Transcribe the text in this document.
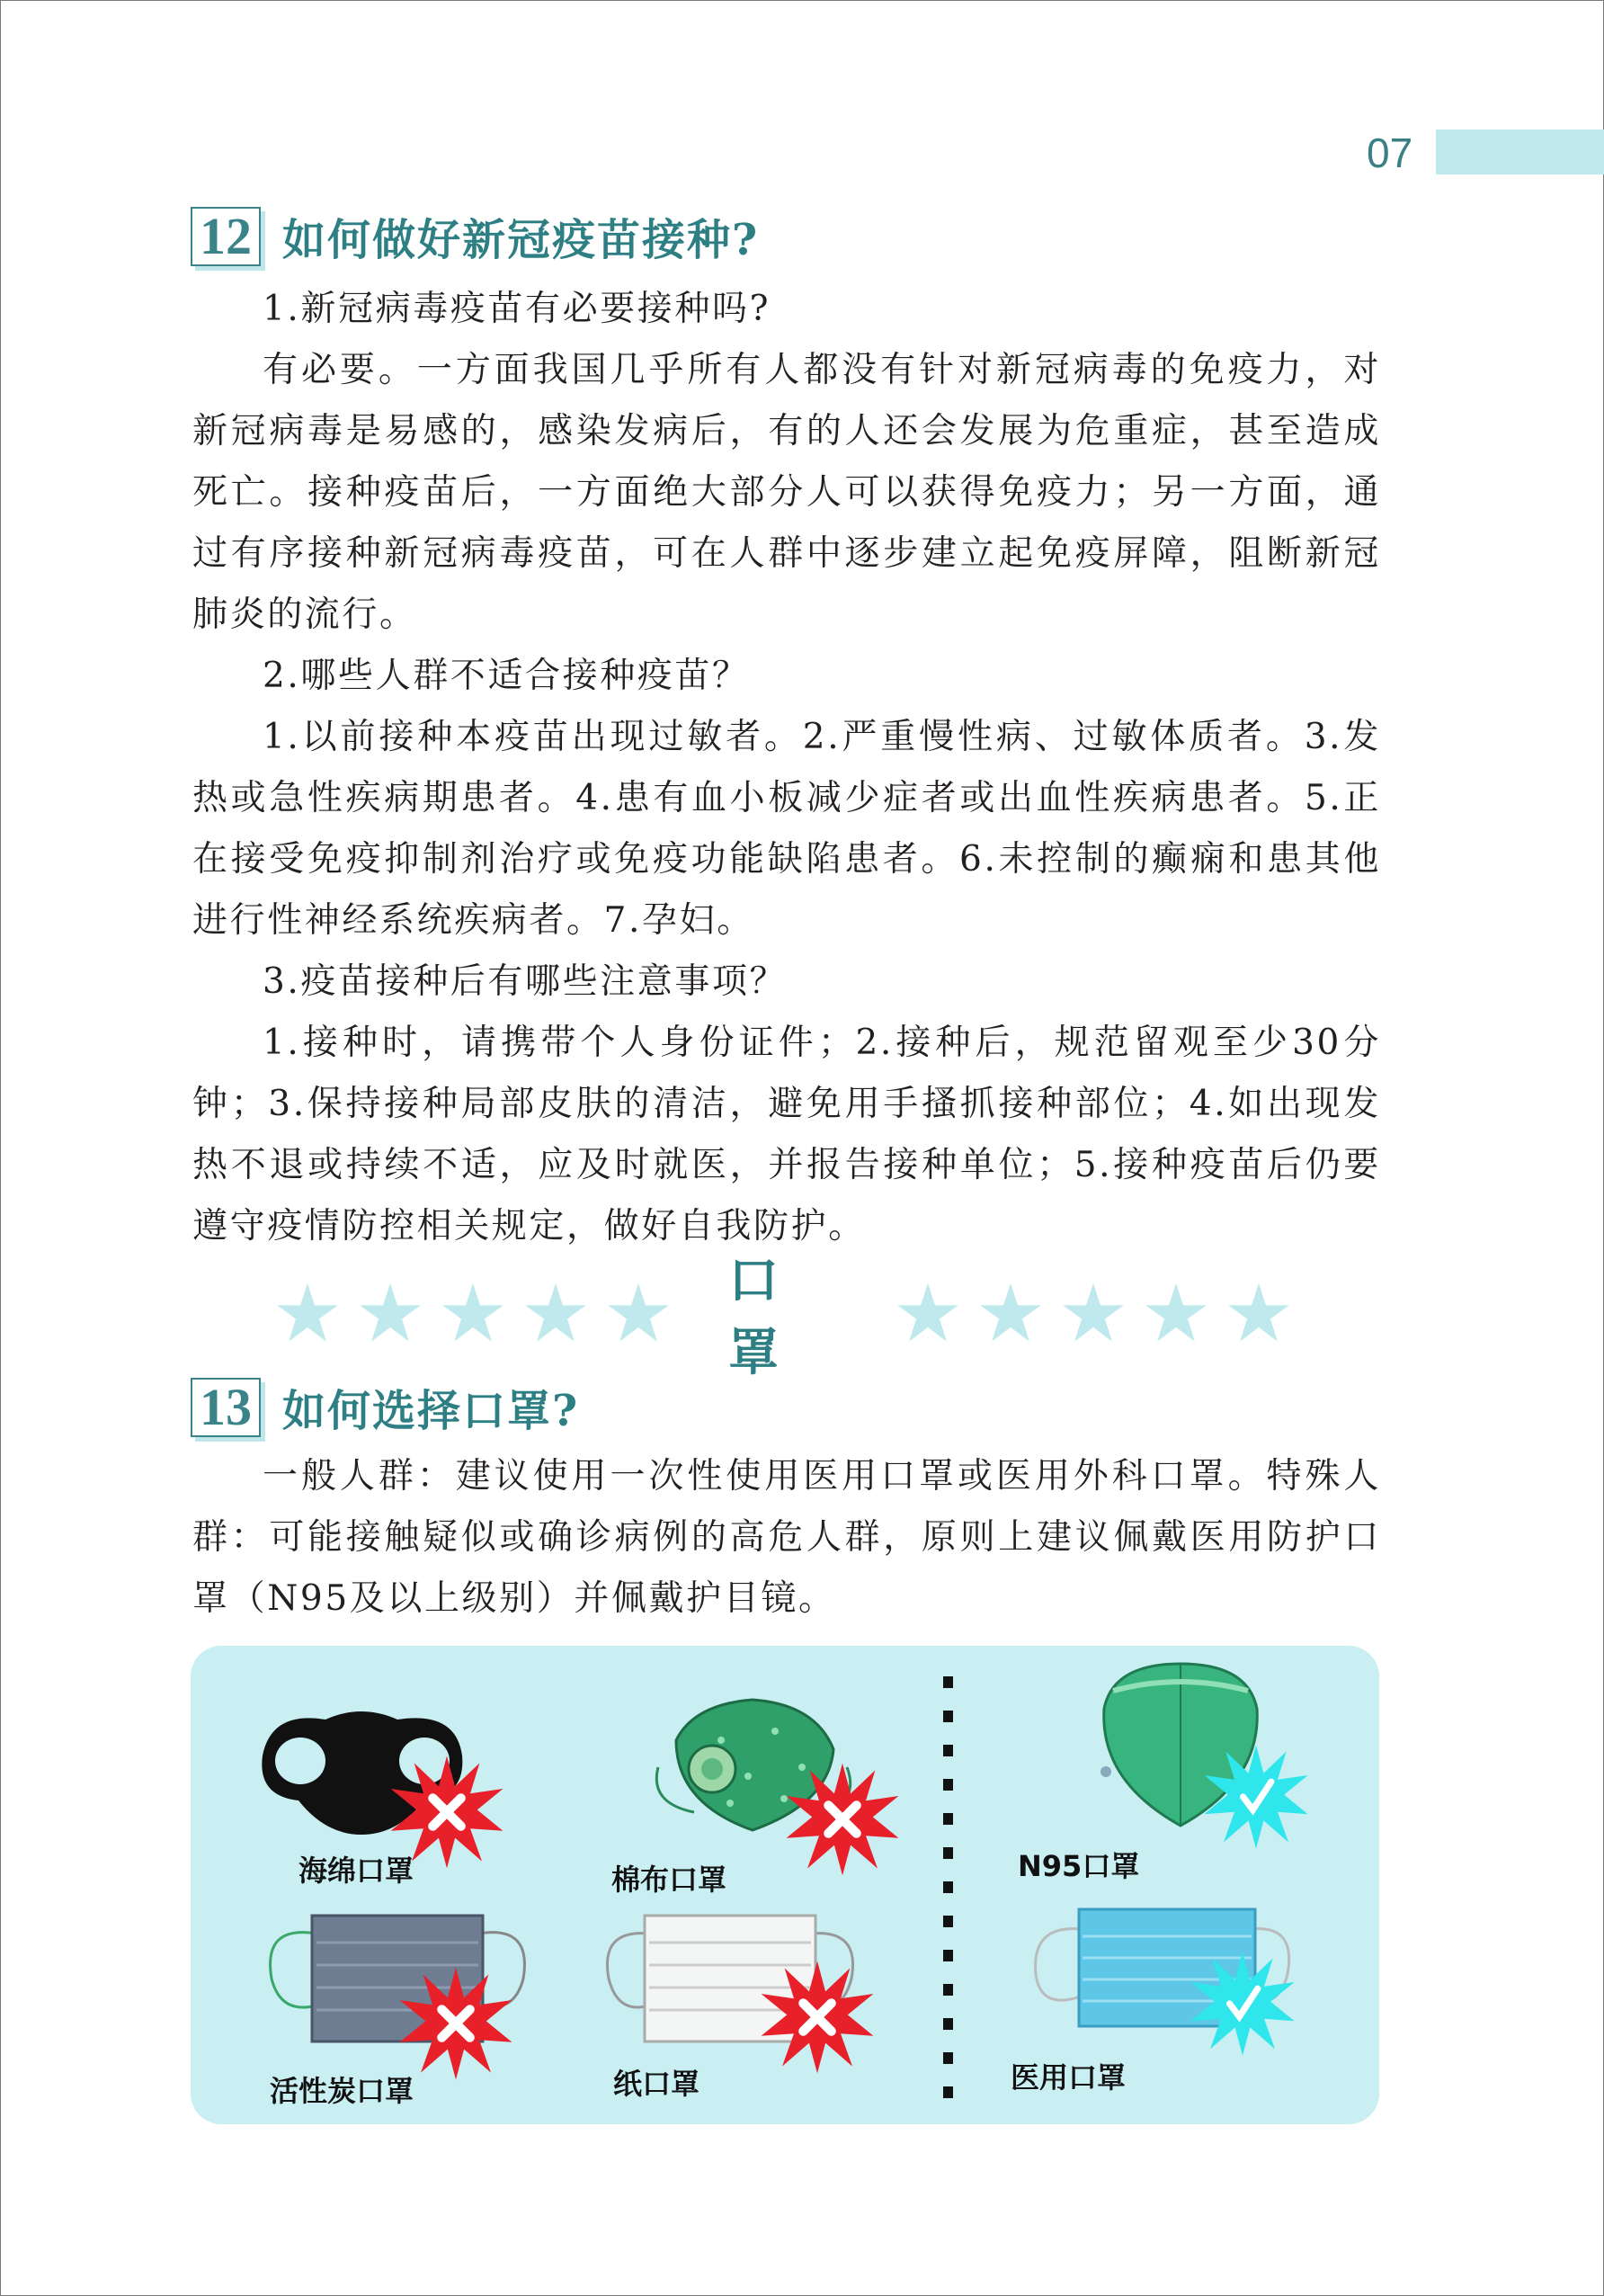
07
12 如何做好新冠疫苗接种?

1.新冠病毒疫苗有必要接种吗?

有必要。一方面我国几乎所有人都没有针对新冠病毒的免疫力，对新冠病毒是易感的，感染发病后，有的人还会发展为危重症，甚至造成死亡。接种疫苗后，一方面绝大部分人可以获得免疫力；另一方面，通过有序接种新冠病毒疫苗，可在人群中逐步建立起免疫屏障，阻断新冠肺炎的流行。

2.哪些人群不适合接种疫苗？

1.以前接种本疫苗出现过敏者。2.严重慢性病、过敏体质者。3.发热或急性疾病期患者。4.患有血小板减少症者或出血性疾病患者。5.正在接受免疫抑制剂治疗或免疫功能缺陷患者。6.未控制的癫痫和患其他进行性神经系统疾病者。7.孕妇。

3.疫苗接种后有哪些注意事项？

1.接种时，请携带个人身份证件；2.接种后，规范留观至少30分钟；3.保持接种局部皮肤的清洁，避免用手搔抓接种部位；4.如出现发热不退或持续不适，应及时就医，并报告接种单位；5.接种疫苗后仍要遵守疫情防控相关规定，做好自我防护。

口罩
13 如何选择口罩?

一般人群：建议使用一次性使用医用口罩或医用外科口罩。特殊人群：可能接触疑似或确诊病例的高危人群，原则上建议佩戴医用防护口罩（N95及以上级别）并佩戴护目镜。

海绵口罩	棉布口罩	N95口罩
活性炭口罩	纸口罩	医用口罩
